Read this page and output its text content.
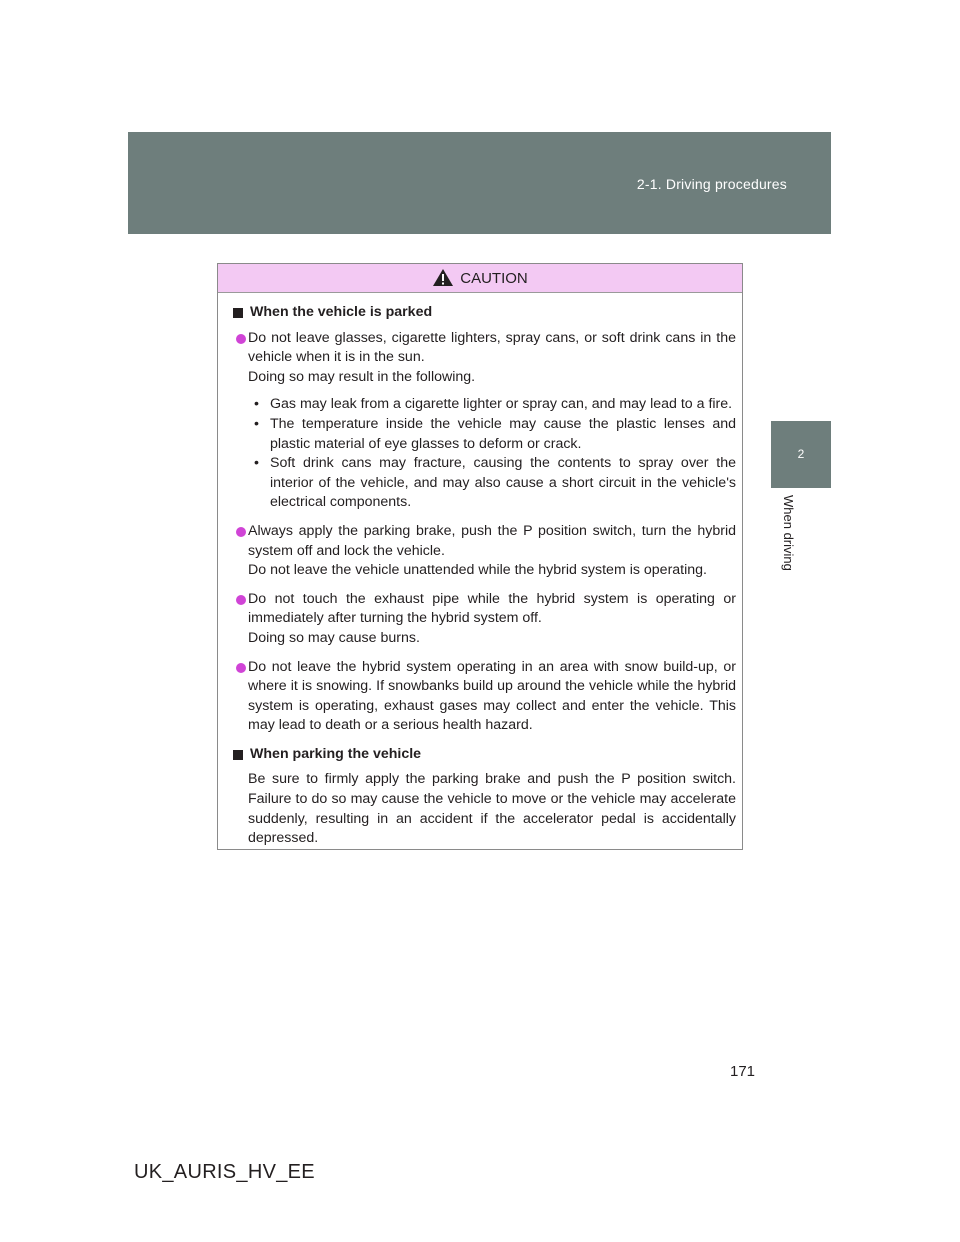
2-1. Driving procedures
2
When driving
CAUTION
When the vehicle is parked

Do not leave glasses, cigarette lighters, spray cans, or soft drink cans in the vehicle when it is in the sun.

Doing so may result in the following.

• Gas may leak from a cigarette lighter or spray can, and may lead to a fire.
• The temperature inside the vehicle may cause the plastic lenses and plastic material of eye glasses to deform or crack.
• Soft drink cans may fracture, causing the contents to spray over the interior of the vehicle, and may also cause a short circuit in the vehicle's electrical components.

Always apply the parking brake, push the P position switch, turn the hybrid system off and lock the vehicle.

Do not leave the vehicle unattended while the hybrid system is operating.

Do not touch the exhaust pipe while the hybrid system is operating or immediately after turning the hybrid system off.

Doing so may cause burns.

Do not leave the hybrid system operating in an area with snow build-up, or where it is snowing. If snowbanks build up around the vehicle while the hybrid system is operating, exhaust gases may collect and enter the vehicle. This may lead to death or a serious health hazard.

When parking the vehicle
Be sure to firmly apply the parking brake and push the P position switch. Failure to do so may cause the vehicle to move or the vehicle may accelerate suddenly, resulting in an accident if the accelerator pedal is accidentally depressed.
171
UK_AURIS_HV_EE
